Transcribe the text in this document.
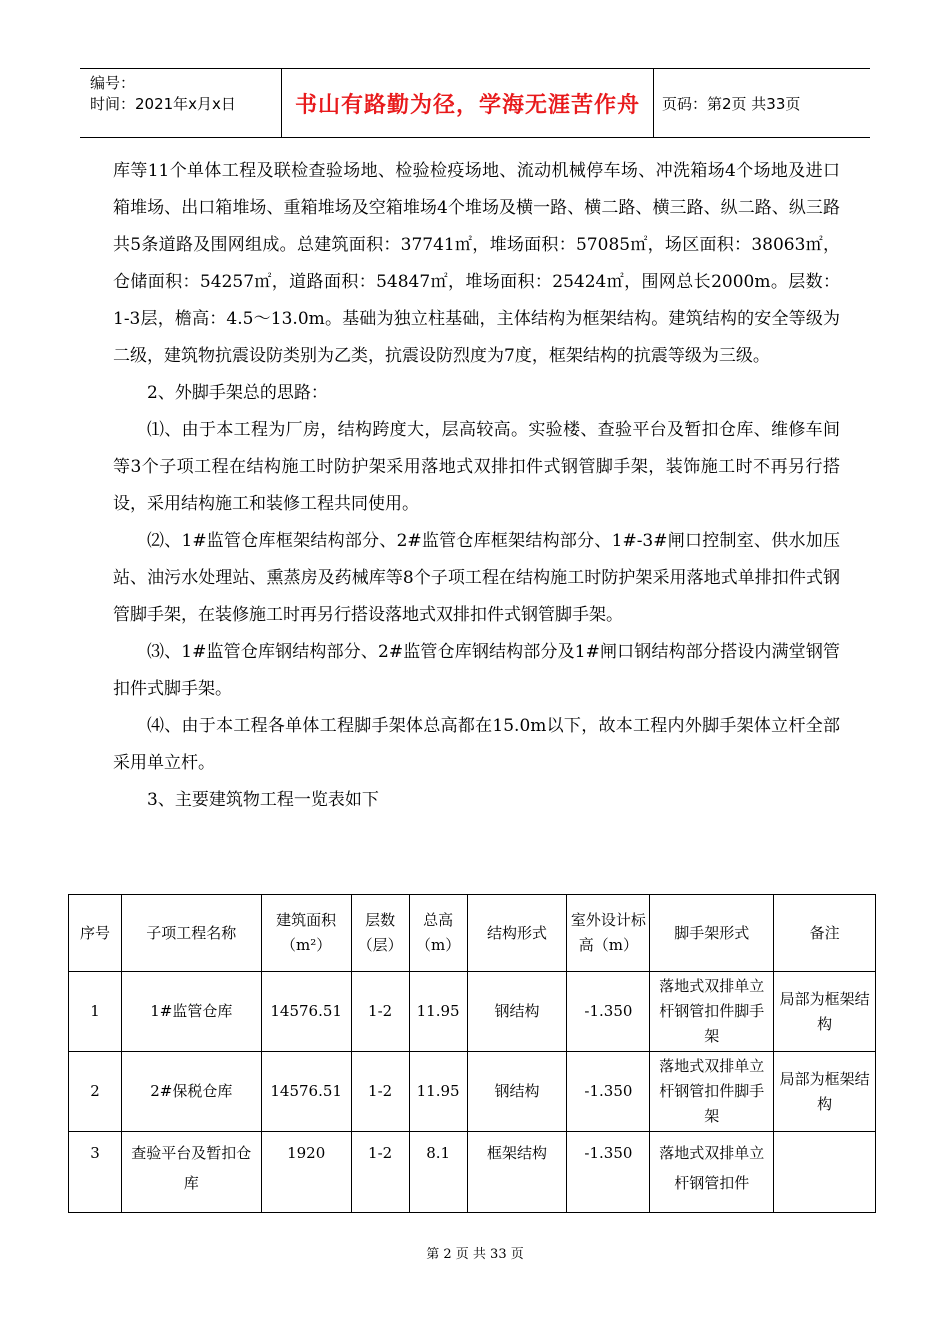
编号：
时间：2021年x月x日	书山有路勤为径，学海无涯苦作舟	页码：第2页 共33页

库等11个单体工程及联检查验场地、检验检疫场地、流动机械停车场、冲洗箱场4个场地及进口箱堆场、出口箱堆场、重箱堆场及空箱堆场4个堆场及横一路、横二路、横三路、纵二路、纵三路共5条道路及围网组成。总建筑面积：37741㎡，堆场面积：57085㎡，场区面积：38063㎡，仓储面积：54257㎡，道路面积：54847㎡，堆场面积：25424㎡，围网总长2000m。层数：1-3层，檐高：4.5～13.0m。基础为独立柱基础，主体结构为框架结构。建筑结构的安全等级为二级，建筑物抗震设防类别为乙类，抗震设防烈度为7度，框架结构的抗震等级为三级。

2、外脚手架总的思路：

⑴、由于本工程为厂房，结构跨度大，层高较高。实验楼、查验平台及暂扣仓库、维修车间等3个子项工程在结构施工时防护架采用落地式双排扣件式钢管脚手架，装饰施工时不再另行搭设，采用结构施工和装修工程共同使用。

⑵、1#监管仓库框架结构部分、2#监管仓库框架结构部分、1#-3#闸口控制室、供水加压站、油污水处理站、熏蒸房及药械库等8个子项工程在结构施工时防护架采用落地式单排扣件式钢管脚手架，在装修施工时再另行搭设落地式双排扣件式钢管脚手架。

⑶、1#监管仓库钢结构部分、2#监管仓库钢结构部分及1#闸口钢结构部分搭设内满堂钢管扣件式脚手架。

⑷、由于本工程各单体工程脚手架体总高都在15.0m以下，故本工程内外脚手架体立杆全部采用单立杆。

3、主要建筑物工程一览表如下

序号	子项工程名称	建筑面积（m²）	层数（层）	总高（m）	结构形式	室外设计标高（m）	脚手架形式	备注
1	1#监管仓库	14576.51	1-2	11.95	钢结构	-1.350	落地式双排单立杆钢管扣件脚手架	局部为框架结构
2	2#保税仓库	14576.51	1-2	11.95	钢结构	-1.350	落地式双排单立杆钢管扣件脚手架	局部为框架结构
3	查验平台及暂扣仓库	1920	1-2	8.1	框架结构	-1.350	落地式双排单立杆钢管扣件	
第 2 页 共 33 页
